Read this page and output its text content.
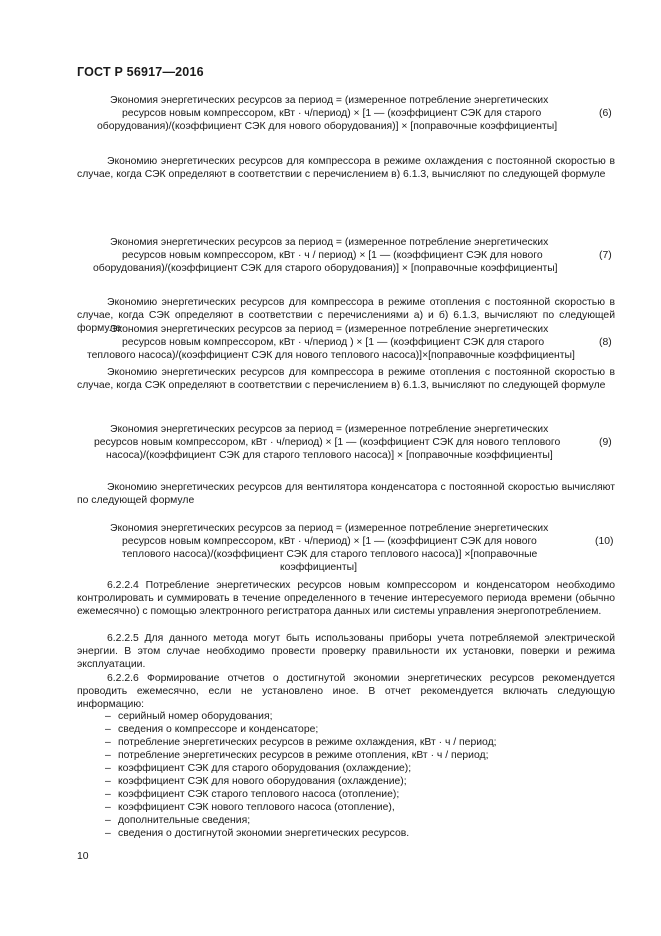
ГОСТ Р 56917—2016
Экономия энергетических ресурсов за период = (измеренное потребление энергетических
ресурсов новым компрессором, кВт · ч/период) × [1 — (коэффициент СЭК для старого
оборудования)/(коэффициент СЭК для нового оборудования)] × [поправочные коэффициенты]
(6)
Экономию энергетических ресурсов для компрессора в режиме охлаждения с постоянной скоростью в случае, когда СЭК определяют в соответствии с перечислением в) 6.1.3, вычисляют по следующей формуле
Экономия энергетических ресурсов за период = (измеренное потребление энергетических
ресурсов новым компрессором, кВт · ч / период) × [1 — (коэффициент СЭК для нового
оборудования)/(коэффициент СЭК для старого оборудования)] × [поправочные коэффициенты]
(7)
Экономию энергетических ресурсов для компрессора в режиме отопления с постоянной скоростью в случае, когда СЭК определяют в соответствии с перечислениями а) и б) 6.1.3, вычисляют по следующей формуле
Экономия энергетических ресурсов за период = (измеренное потребление энергетических
ресурсов новым компрессором, кВт · ч/период ) × [1 — (коэффициент СЭК для старого
теплового насоса)/(коэффициент СЭК для нового теплового насоса)]×[поправочные коэффициенты]
(8)
Экономию энергетических ресурсов для компрессора в режиме отопления с постоянной скоростью в случае, когда СЭК определяют в соответствии с перечислением в) 6.1.3, вычисляют по следующей формуле
Экономия энергетических ресурсов за период = (измеренное потребление энергетических
ресурсов новым компрессором, кВт · ч/период) × [1 — (коэффициент СЭК для нового теплового
насоса)/(коэффициент СЭК для старого теплового насоса)] × [поправочные коэффициенты]
(9)
Экономию энергетических ресурсов для вентилятора конденсатора с постоянной скоростью вычисляют по следующей формуле
Экономия энергетических ресурсов за период = (измеренное потребление энергетических
ресурсов новым компрессором, кВт · ч/период) × [1 — (коэффициент СЭК для нового
теплового насоса)/(коэффициент СЭК для старого теплового насоса)] ×[поправочные
коэффициенты]
(10)
6.2.2.4 Потребление энергетических ресурсов новым компрессором и конденсатором необходимо контролировать и суммировать в течение определенного в течение интересуемого периода времени (обычно ежемесячно) с помощью электронного регистратора данных или системы управления энергопотреблением.
6.2.2.5 Для данного метода могут быть использованы приборы учета потребляемой электрической энергии. В этом случае необходимо провести проверку правильности их установки, поверки и режима эксплуатации.
6.2.2.6 Формирование отчетов о достигнутой экономии энергетических ресурсов рекомендуется проводить ежемесячно, если не установлено иное. В отчет рекомендуется включать следующую информацию:
– серийный номер оборудования;
– сведения о компрессоре и конденсаторе;
– потребление энергетических ресурсов в режиме охлаждения, кВт · ч / период;
– потребление энергетических ресурсов в режиме отопления, кВт · ч / период;
– коэффициент СЭК для старого оборудования (охлаждение);
– коэффициент СЭК для нового оборудования (охлаждение);
– коэффициент СЭК старого теплового насоса (отопление);
– коэффициент СЭК нового теплового насоса (отопление),
– дополнительные сведения;
– сведения о достигнутой экономии энергетических ресурсов.
10
